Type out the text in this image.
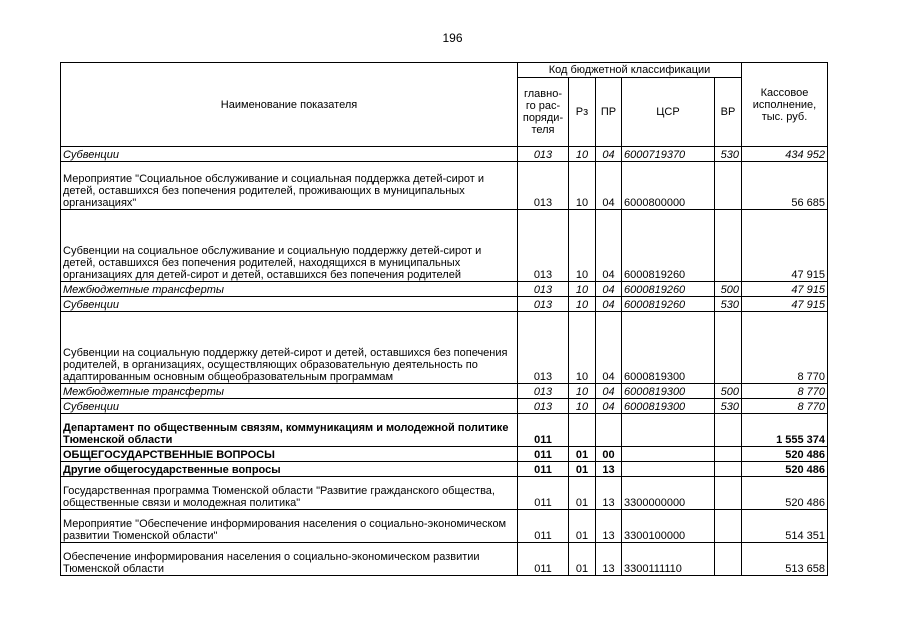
196
Наименование показателя	Код бюджетной классификации					Кассовое исполнение, тыс. руб.
	главно-го рас-поряди-теля	Рз	ПР	ЦСР	ВР	
Субвенции	013	10	04	6000719370	530	434 952
Мероприятие "Социальное обслуживание и социальная поддержка детей-сирот и детей, оставшихся без попечения родителей, проживающих в муниципальных организациях"	013	10	04	6000800000		56 685
Субвенции на социальное обслуживание и социальную поддержку детей-сирот и детей, оставшихся без попечения родителей, находящихся в муниципальных организациях для детей-сирот и детей, оставшихся без попечения родителей	013	10	04	6000819260		47 915
Межбюджетные трансферты	013	10	04	6000819260	500	47 915
Субвенции	013	10	04	6000819260	530	47 915
Субвенции на социальную поддержку детей-сирот и детей, оставшихся без попечения родителей, в организациях, осуществляющих образовательную деятельность по адаптированным основным общеобразовательным программам	013	10	04	6000819300		8 770
Межбюджетные трансферты	013	10	04	6000819300	500	8 770
Субвенции	013	10	04	6000819300	530	8 770
Департамент по общественным связям, коммуникациям и молодежной политике Тюменской области	011					1 555 374
ОБЩЕГОСУДАРСТВЕННЫЕ ВОПРОСЫ	011	01	00			520 486
Другие общегосударственные вопросы	011	01	13			520 486
Государственная программа Тюменской области "Развитие гражданского общества, общественные связи и молодежная политика"	011	01	13	3300000000		520 486
Мероприятие "Обеспечение информирования населения о социально-экономическом развитии Тюменской области"	011	01	13	3300100000		514 351
Обеспечение информирования населения о социально-экономическом развитии Тюменской области	011	01	13	3300111110		513 658
